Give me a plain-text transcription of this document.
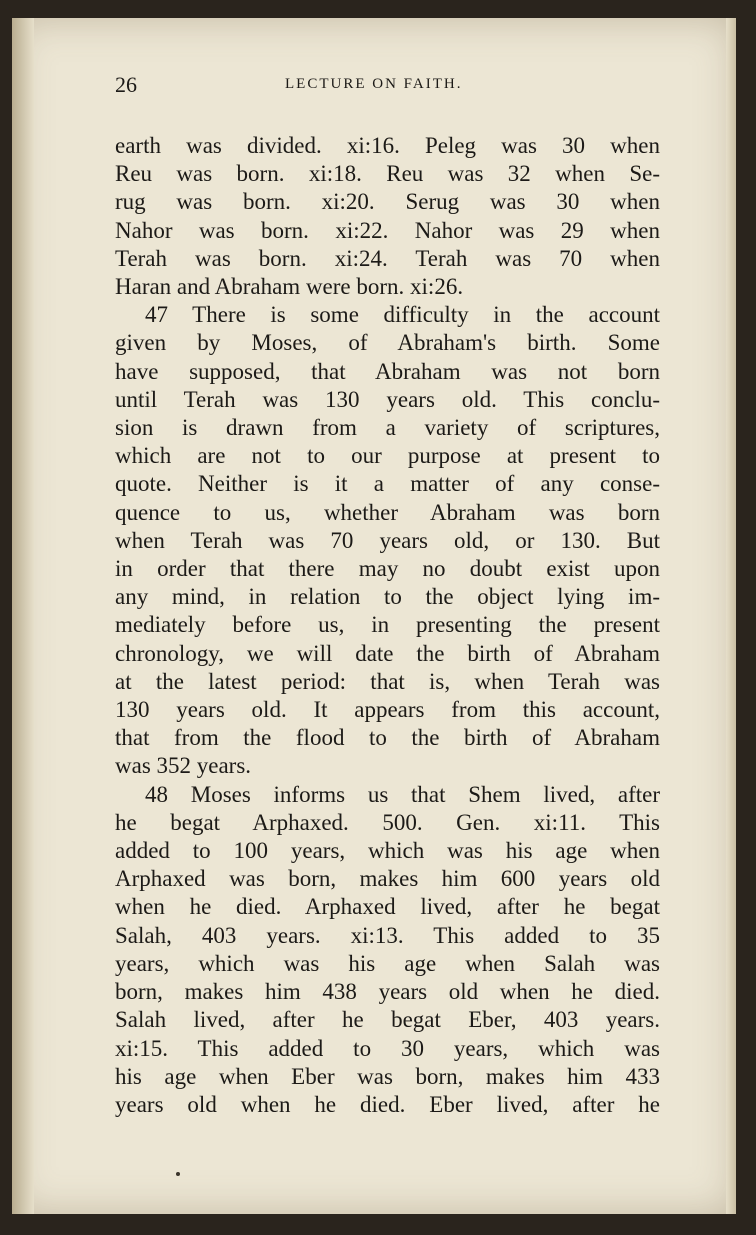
26	LECTURE ON FAITH.
earth was divided. xi:16. Peleg was 30 when
Reu was born. xi:18. Reu was 32 when Se-
rug was born. xi:20. Serug was 30 when
Nahor was born. xi:22. Nahor was 29 when
Terah was born. xi:24. Terah was 70 when
Haran and Abraham were born. xi:26.
47 There is some difficulty in the account
given by Moses, of Abraham's birth. Some
have supposed, that Abraham was not born
until Terah was 130 years old. This conclu-
sion is drawn from a variety of scriptures,
which are not to our purpose at present to
quote. Neither is it a matter of any conse-
quence to us, whether Abraham was born
when Terah was 70 years old, or 130. But
in order that there may no doubt exist upon
any mind, in relation to the object lying im-
mediately before us, in presenting the present
chronology, we will date the birth of Abraham
at the latest period: that is, when Terah was
130 years old. It appears from this account,
that from the flood to the birth of Abraham
was 352 years.
48 Moses informs us that Shem lived, after
he begat Arphaxed. 500. Gen. xi:11. This
added to 100 years, which was his age when
Arphaxed was born, makes him 600 years old
when he died. Arphaxed lived, after he begat
Salah, 403 years. xi:13. This added to 35
years, which was his age when Salah was
born, makes him 438 years old when he died.
Salah lived, after he begat Eber, 403 years.
xi:15. This added to 30 years, which was
his age when Eber was born, makes him 433
years old when he died. Eber lived, after he
